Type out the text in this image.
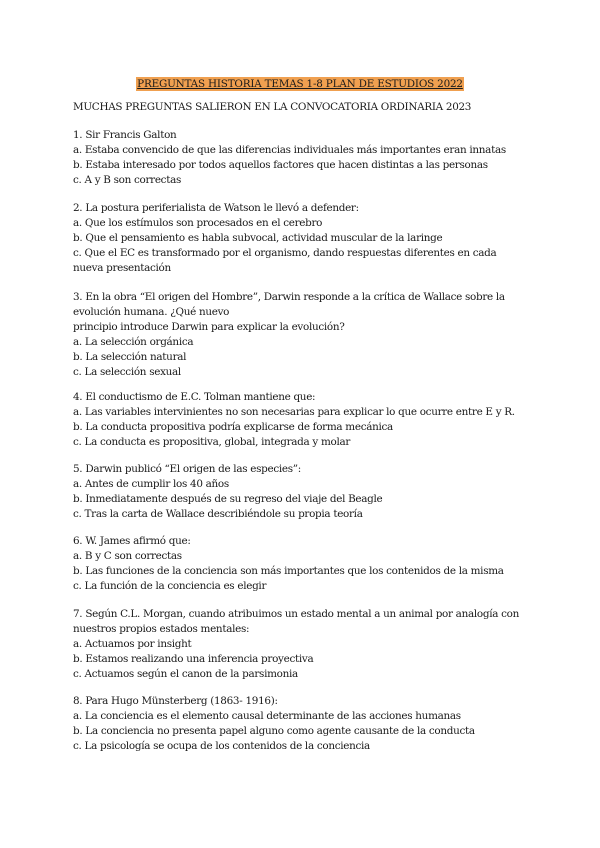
PREGUNTAS HISTORIA TEMAS 1-8 PLAN DE ESTUDIOS 2022
MUCHAS PREGUNTAS SALIERON EN LA CONVOCATORIA ORDINARIA 2023

1. Sir Francis Galton

a. Estaba convencido de que las diferencias individuales más importantes eran innatas

b. Estaba interesado por todos aquellos factores que hacen distintas a las personas

c. A y B son correctas

2. La postura periferialista de Watson le llevó a defender:

a. Que los estímulos son procesados en el cerebro

b. Que el pensamiento es habla subvocal, actividad muscular de la laringe

c. Que el EC es transformado por el organismo, dando respuestas diferentes en cada nueva presentación

3. En la obra “El origen del Hombre”, Darwin responde a la crítica de Wallace sobre la evolución humana. ¿Qué nuevo

principio introduce Darwin para explicar la evolución?

a. La selección orgánica

b. La selección natural

c. La selección sexual

4. El conductismo de E.C. Tolman mantiene que:

a. Las variables intervinientes no son necesarias para explicar lo que ocurre entre E y R.

b. La conducta propositiva podría explicarse de forma mecánica

c. La conducta es propositiva, global, integrada y molar

5. Darwin publicó “El origen de las especies”:

a. Antes de cumplir los 40 años

b. Inmediatamente después de su regreso del viaje del Beagle

c. Tras la carta de Wallace describiéndole su propia teoría

6. W. James afirmó que:

a. B y C son correctas

b. Las funciones de la conciencia son más importantes que los contenidos de la misma

c. La función de la conciencia es elegir

7. Según C.L. Morgan, cuando atribuimos un estado mental a un animal por analogía con nuestros propios estados mentales:

a. Actuamos por insight

b. Estamos realizando una inferencia proyectiva

c. Actuamos según el canon de la parsimonia

8. Para Hugo Münsterberg (1863- 1916):

a. La conciencia es el elemento causal determinante de las acciones humanas

b. La conciencia no presenta papel alguno como agente causante de la conducta

c. La psicología se ocupa de los contenidos de la conciencia
